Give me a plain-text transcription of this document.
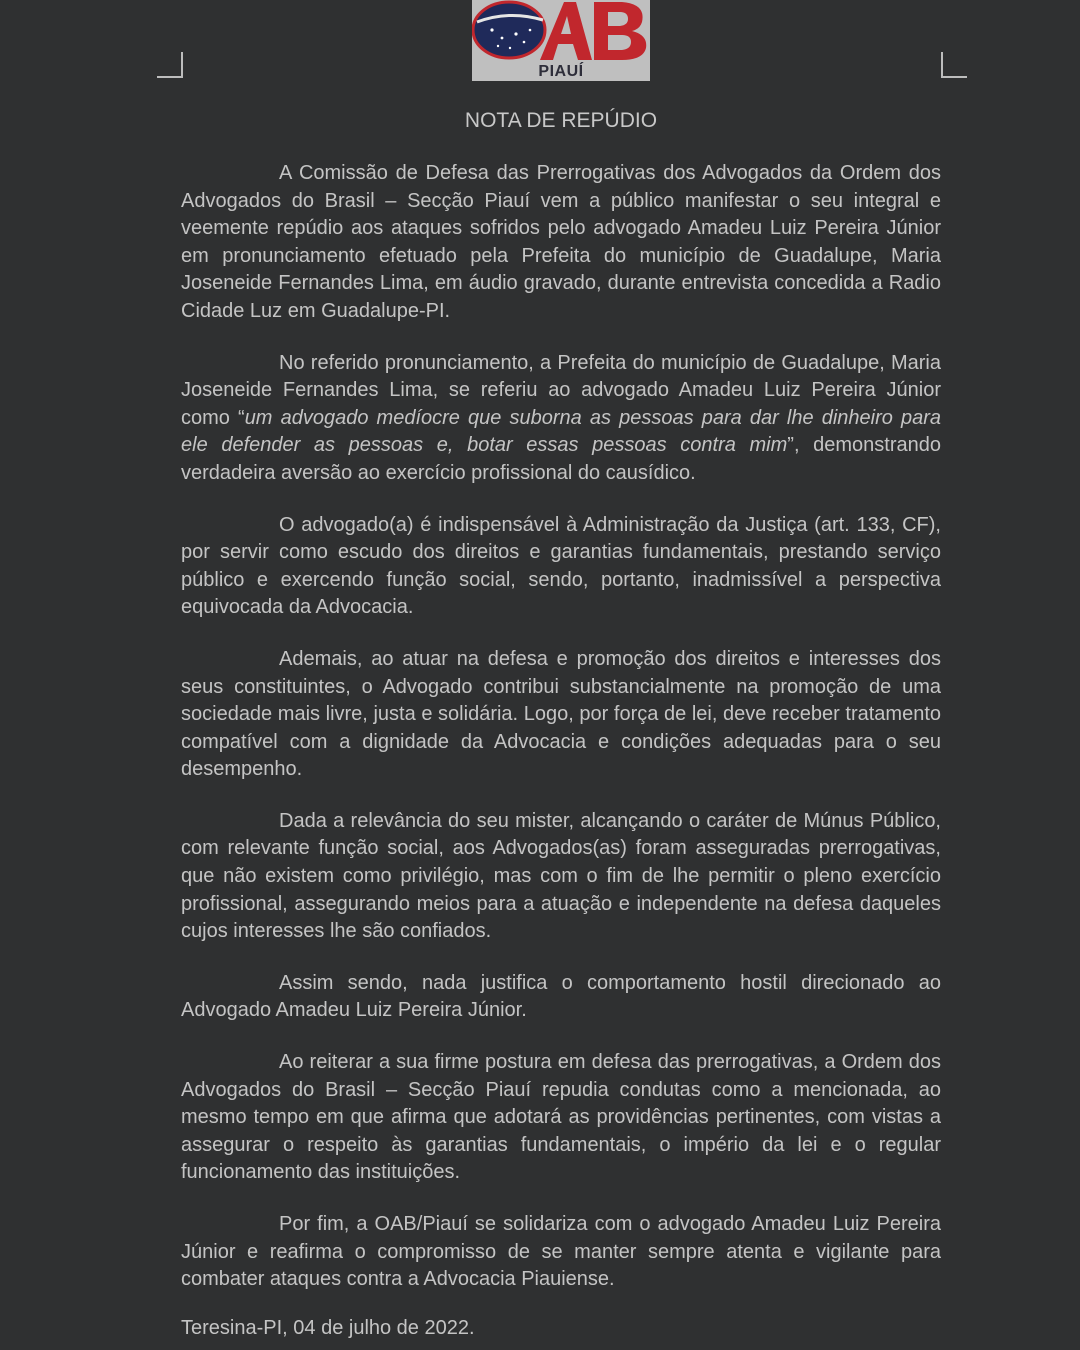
PIAUÍ
NOTA DE REPÚDIO

A Comissão de Defesa das Prerrogativas dos Advogados da Ordem dos Advogados do Brasil – Secção Piauí vem a público manifestar o seu integral e veemente repúdio aos ataques sofridos pelo advogado Amadeu Luiz Pereira Júnior em pronunciamento efetuado pela Prefeita do município de Guadalupe, Maria Joseneide Fernandes Lima, em áudio gravado, durante entrevista concedida a Radio Cidade Luz em Guadalupe-PI.

No referido pronunciamento, a Prefeita do município de Guadalupe, Maria Joseneide Fernandes Lima, se referiu ao advogado Amadeu Luiz Pereira Júnior como “um advogado medíocre que suborna as pessoas para dar lhe dinheiro para ele defender as pessoas e, botar essas pessoas contra mim”, demonstrando verdadeira aversão ao exercício profissional do causídico.

O advogado(a) é indispensável à Administração da Justiça (art. 133, CF), por servir como escudo dos direitos e garantias fundamentais, prestando serviço público e exercendo função social, sendo, portanto, inadmissível a perspectiva equivocada da Advocacia.

Ademais, ao atuar na defesa e promoção dos direitos e interesses dos seus constituintes, o Advogado contribui substancialmente na promoção de uma sociedade mais livre, justa e solidária. Logo, por força de lei, deve receber tratamento compatível com a dignidade da Advocacia e condições adequadas para o seu desempenho.

Dada a relevância do seu mister, alcançando o caráter de Múnus Público, com relevante função social, aos Advogados(as) foram asseguradas prerrogativas, que não existem como privilégio, mas com o fim de lhe permitir o pleno exercício profissional, assegurando meios para a atuação e independente na defesa daqueles cujos interesses lhe são confiados.

Assim sendo, nada justifica o comportamento hostil direcionado ao Advogado Amadeu Luiz Pereira Júnior.

Ao reiterar a sua firme postura em defesa das prerrogativas, a Ordem dos Advogados do Brasil – Secção Piauí repudia condutas como a mencionada, ao mesmo tempo em que afirma que adotará as providências pertinentes, com vistas a assegurar o respeito às garantias fundamentais, o império da lei e o regular funcionamento das instituições.

Por fim, a OAB/Piauí se solidariza com o advogado Amadeu Luiz Pereira Júnior e reafirma o compromisso de se manter sempre atenta e vigilante para combater ataques contra a Advocacia Piauiense.

Teresina-PI, 04 de julho de 2022.
